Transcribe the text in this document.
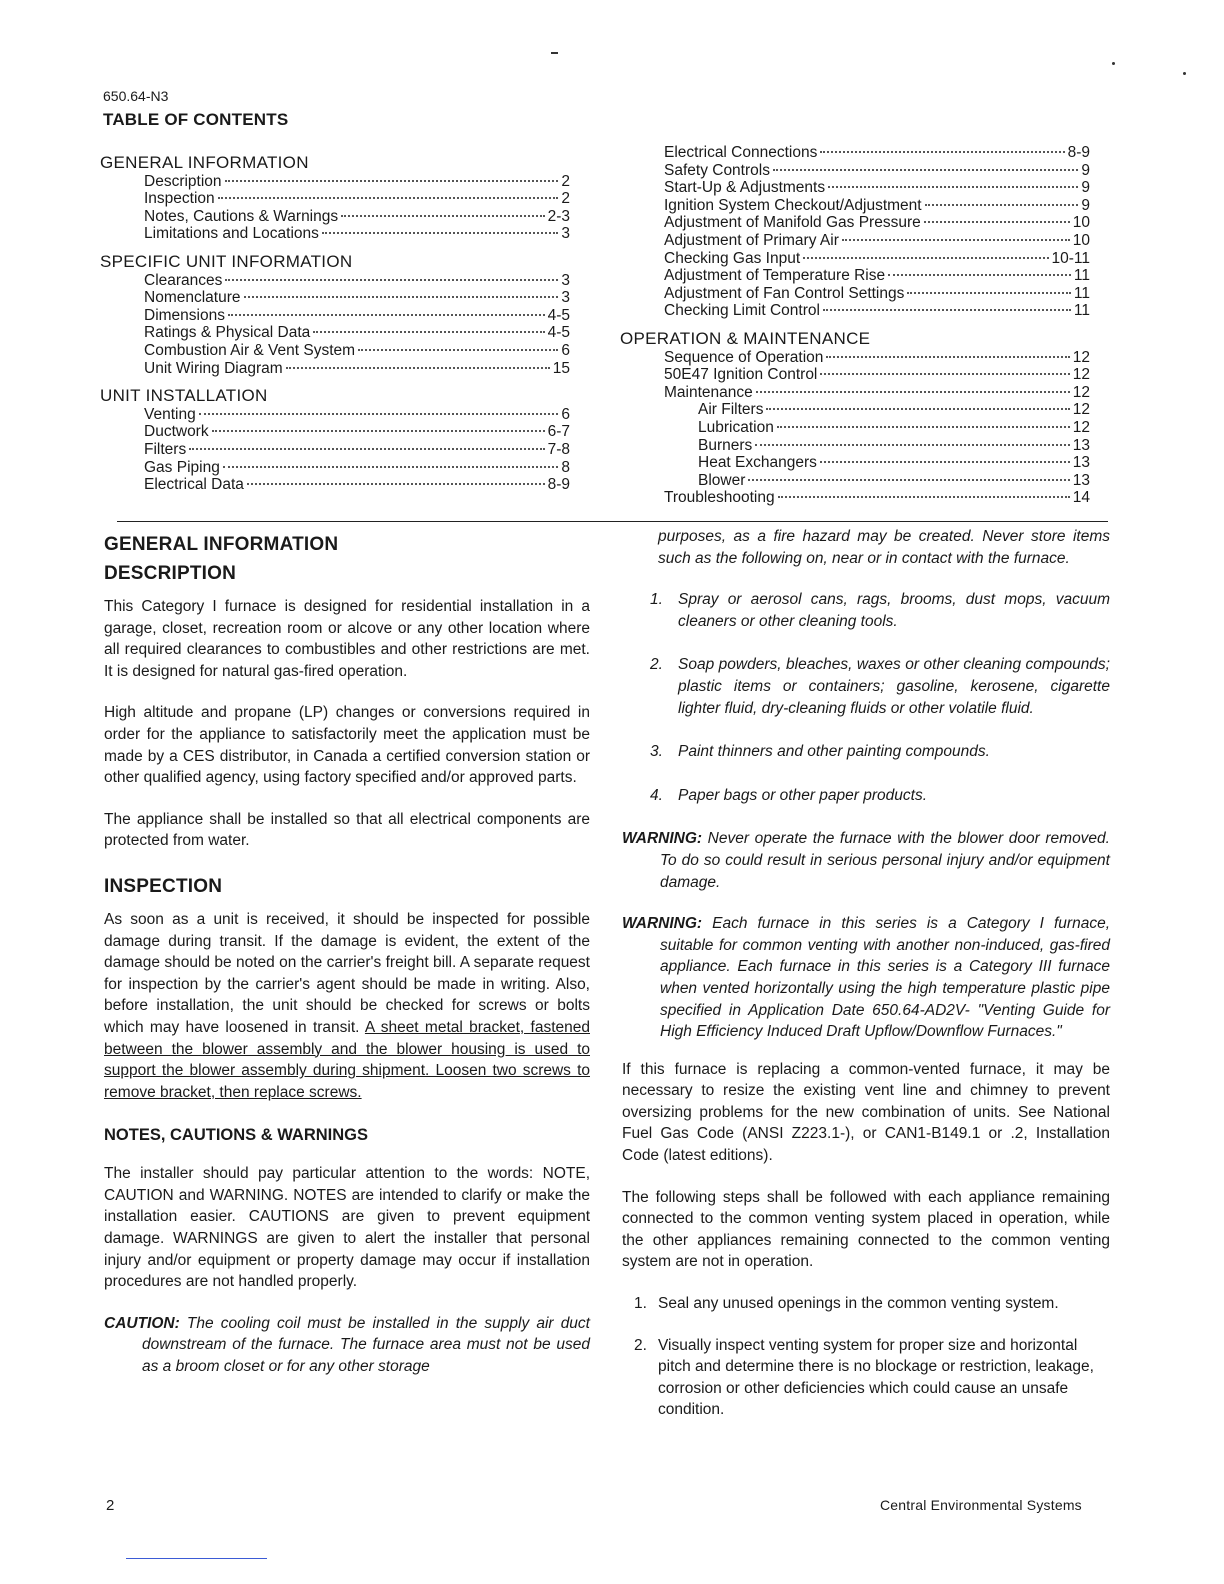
650.64-N3
TABLE OF CONTENTS
GENERAL INFORMATION
Description	2
Inspection	2
Notes, Cautions & Warnings	2-3
Limitations and Locations	3
SPECIFIC UNIT INFORMATION
Clearances	3
Nomenclature	3
Dimensions	4-5
Ratings & Physical Data	4-5
Combustion Air & Vent System	6
Unit Wiring Diagram	15
UNIT INSTALLATION
Venting	6
Ductwork	6-7
Filters	7-8
Gas Piping	8
Electrical Data	8-9
Electrical Connections	8-9
Safety Controls	9
Start-Up & Adjustments	9
Ignition System Checkout/Adjustment	9
Adjustment of Manifold Gas Pressure	10
Adjustment of Primary Air	10
Checking Gas Input	10-11
Adjustment of Temperature Rise	11
Adjustment of Fan Control Settings	11
Checking Limit Control	11
OPERATION & MAINTENANCE
Sequence of Operation	12
50E47 Ignition Control	12
Maintenance	12
Air Filters	12
Lubrication	12
Burners	13
Heat Exchangers	13
Blower	13
Troubleshooting	14
GENERAL INFORMATION
DESCRIPTION

This Category I furnace is designed for residential installation in a garage, closet, recreation room or alcove or any other location where all required clearances to combustibles and other restrictions are met. It is designed for natural gas-fired operation.

High altitude and propane (LP) changes or conversions required in order for the appliance to satisfactorily meet the application must be made by a CES distributor, in Canada a certified conversion station or other qualified agency, using factory specified and/or approved parts.

The appliance shall be installed so that all electrical components are protected from water.

INSPECTION

As soon as a unit is received, it should be inspected for possible damage during transit. If the damage is evident, the extent of the damage should be noted on the carrier's freight bill. A separate request for inspection by the carrier's agent should be made in writing. Also, before installation, the unit should be checked for screws or bolts which may have loosened in transit. A sheet metal bracket, fastened between the blower assembly and the blower housing is used to support the blower assembly during shipment. Loosen two screws to remove bracket, then replace screws.

NOTES, CAUTIONS & WARNINGS

The installer should pay particular attention to the words: NOTE, CAUTION and WARNING. NOTES are intended to clarify or make the installation easier. CAUTIONS are given to prevent equipment damage. WARNINGS are given to alert the installer that personal injury and/or equipment or property damage may occur if installation procedures are not handled properly.

CAUTION: The cooling coil must be installed in the supply air duct downstream of the furnace. The furnace area must not be used as a broom closet or for any other storage

purposes, as a fire hazard may be created. Never store items such as the following on, near or in contact with the furnace.

1. Spray or aerosol cans, rags, brooms, dust mops, vacuum cleaners or other cleaning tools.
2. Soap powders, bleaches, waxes or other cleaning compounds; plastic items or containers; gasoline, kerosene, cigarette lighter fluid, dry-cleaning fluids or other volatile fluid.
3. Paint thinners and other painting compounds.
4. Paper bags or other paper products.

WARNING: Never operate the furnace with the blower door removed. To do so could result in serious personal injury and/or equipment damage.

WARNING: Each furnace in this series is a Category I furnace, suitable for common venting with another non-induced, gas-fired appliance. Each furnace in this series is a Category III furnace when vented horizontally using the high temperature plastic pipe specified in Application Date 650.64-AD2V- "Venting Guide for High Efficiency Induced Draft Upflow/Downflow Furnaces."

If this furnace is replacing a common-vented furnace, it may be necessary to resize the existing vent line and chimney to prevent oversizing problems for the new combination of units. See National Fuel Gas Code (ANSI Z223.1-), or CAN1-B149.1 or .2, Installation Code (latest editions).

The following steps shall be followed with each appliance remaining connected to the common venting system placed in operation, while the other appliances remaining connected to the common venting system are not in operation.

1. Seal any unused openings in the common venting system.
2. Visually inspect venting system for proper size and horizontal pitch and determine there is no blockage or restriction, leakage, corrosion or other deficiencies which could cause an unsafe condition.
2	Central Environmental Systems
